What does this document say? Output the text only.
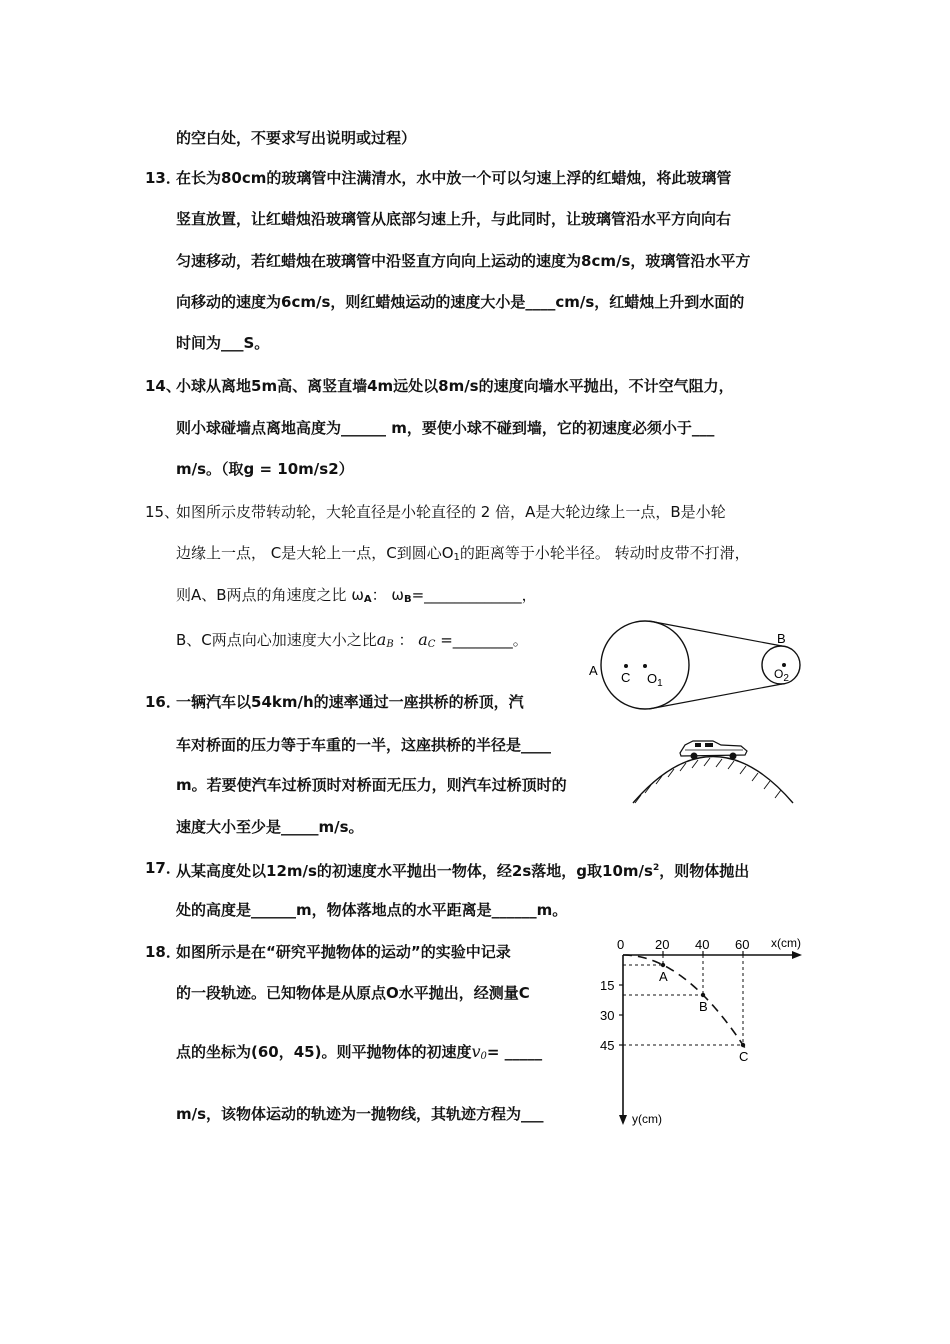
的空白处，不要求写出说明或过程）
13．
在长为80cm的玻璃管中注满清水，水中放一个可以匀速上浮的红蜡烛，将此玻璃管
竖直放置，让红蜡烛沿玻璃管从底部匀速上升，与此同时，让玻璃管沿水平方向向右
匀速移动，若红蜡烛在玻璃管中沿竖直方向向上运动的速度为8cm/s，玻璃管沿水平方
向移动的速度为6cm/s，则红蜡烛运动的速度大小是____cm/s，红蜡烛上升到水面的
时间为___S。
14、
小球从离地5m高、离竖直墙4m远处以8m/s的速度向墙水平抛出，不计空气阻力，
则小球碰墙点离地高度为______ m，要使小球不碰到墙，它的初速度必须小于___
m/s。（取g = 10m/s2）
15、
如图所示皮带转动轮，大轮直径是小轮直径的 2 倍，A是大轮边缘上一点，B是小轮
边缘上一点， C是大轮上一点，C到圆心$O_1$的距离等于小轮半径。 转动时皮带不打滑，
则A、B两点的角速度之比 $\omega_A$： $\omega_B=\_\_\_\_\_\_\_\_\_\_\_\_\_$，
B、C两点向心加速度大小之比$a_B$ ： $a_C$ =________。
A C $O_1$
B
$O_2$
16．
一辆汽车以54km/h的速率通过一座拱桥的桥顶，汽
车对桥面的压力等于车重的一半，这座拱桥的半径是____
m。若要使汽车过桥顶时对桥面无压力，则汽车过桥顶时的
速度大小至少是_____m/s。
17．
从某高度处以12m/s的初速度水平抛出一物体，经2s落地，g取$10m/s^2$，则物体抛出
处的高度是______m，物体落地点的水平距离是______m。
18．
如图所示是在“研究平抛物体的运动”的实验中记录
的一段轨迹。已知物体是从原点O水平抛出，经测量C
点的坐标为(60，45)。则平抛物体的初速度$v_0=$ _____
m/s，该物体运动的轨迹为一抛物线，其轨迹方程为___
x(cm)
y(cm)
0 20 40 60
15
30
45
A
B
C
